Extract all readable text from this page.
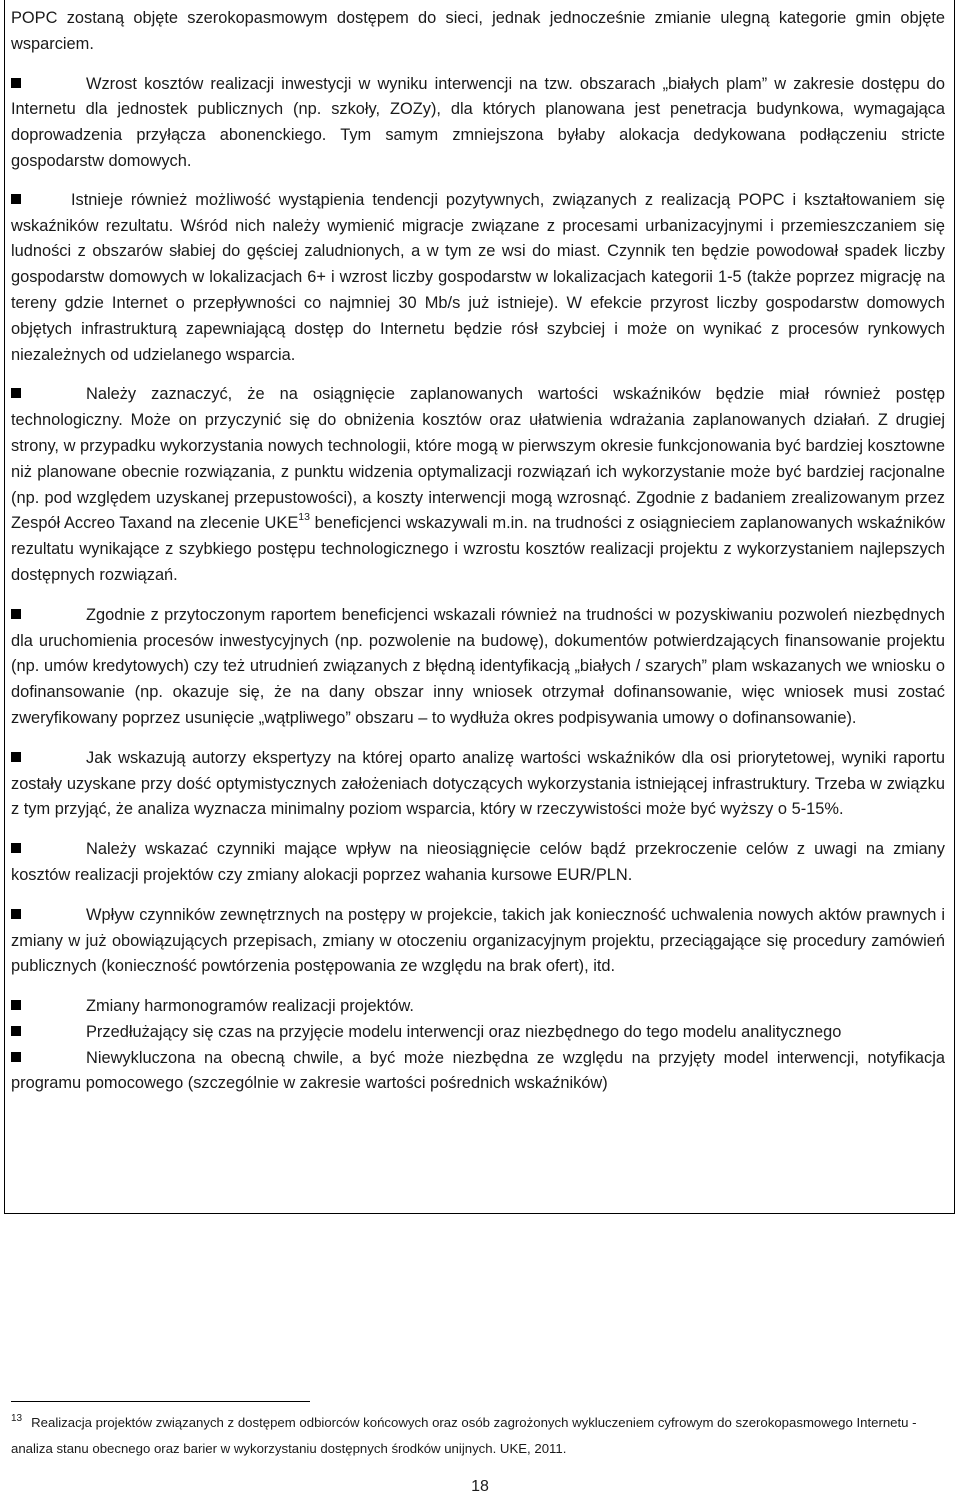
POPC zostaną objęte szerokopasmowym dostępem do sieci, jednak jednocześnie zmianie ulegną kategorie gmin objęte wsparciem.

Wzrost kosztów realizacji inwestycji w wyniku interwencji na tzw. obszarach „białych plam” w zakresie dostępu do Internetu dla jednostek publicznych (np. szkoły, ZOZy), dla których planowana jest penetracja budynkowa, wymagająca doprowadzenia przyłącza abonenckiego. Tym samym zmniejszona byłaby alokacja dedykowana podłączeniu stricte gospodarstw domowych.

Istnieje również możliwość wystąpienia tendencji pozytywnych, związanych z realizacją POPC i kształtowaniem się wskaźników rezultatu. Wśród nich należy wymienić migracje związane z procesami urbanizacyjnymi i przemieszczaniem się ludności z obszarów słabiej do gęściej zaludnionych, a w tym ze wsi do miast. Czynnik ten będzie powodował spadek liczby gospodarstw domowych w lokalizacjach 6+ i wzrost liczby gospodarstw w lokalizacjach kategorii 1-5 (także poprzez migrację na tereny gdzie Internet o przepływności co najmniej 30 Mb/s już istnieje). W efekcie przyrost liczby gospodarstw domowych objętych infrastrukturą zapewniającą dostęp do Internetu będzie rósł szybciej i może on wynikać z procesów rynkowych niezależnych od udzielanego wsparcia.

Należy zaznaczyć, że na osiągnięcie zaplanowanych wartości wskaźników będzie miał również postęp technologiczny. Może on przyczynić się do obniżenia kosztów oraz ułatwienia wdrażania zaplanowanych działań. Z drugiej strony, w przypadku wykorzystania nowych technologii, które mogą w pierwszym okresie funkcjonowania być bardziej kosztowne niż planowane obecnie rozwiązania, z punktu widzenia optymalizacji rozwiązań ich wykorzystanie może być bardziej racjonalne (np. pod względem uzyskanej przepustowości), a koszty interwencji mogą wzrosnąć. Zgodnie z badaniem zrealizowanym przez Zespół Accreo Taxand na zlecenie UKE$^{13}$ beneficjenci wskazywali m.in. na trudności z osiągnieciem zaplanowanych wskaźników rezultatu wynikające z szybkiego postępu technologicznego i wzrostu kosztów realizacji projektu z wykorzystaniem najlepszych dostępnych rozwiązań.

Zgodnie z przytoczonym raportem beneficjenci wskazali również na trudności w pozyskiwaniu pozwoleń niezbędnych dla uruchomienia procesów inwestycyjnych (np. pozwolenie na budowę), dokumentów potwierdzających finansowanie projektu (np. umów kredytowych) czy też utrudnień związanych z błędną identyfikacją „białych / szarych” plam wskazanych we wniosku o dofinansowanie (np. okazuje się, że na dany obszar inny wniosek otrzymał dofinansowanie, więc wniosek musi zostać zweryfikowany poprzez usunięcie „wątpliwego” obszaru – to wydłuża okres podpisywania umowy o dofinansowanie).

Jak wskazują autorzy ekspertyzy na której oparto analizę wartości wskaźników dla osi priorytetowej, wyniki raportu zostały uzyskane przy dość optymistycznych założeniach dotyczących wykorzystania istniejącej infrastruktury. Trzeba w związku z tym przyjąć, że analiza wyznacza minimalny poziom wsparcia, który w rzeczywistości może być wyższy o 5-15%.

Należy wskazać czynniki mające wpływ na nieosiągnięcie celów bądź przekroczenie celów z uwagi na zmiany kosztów realizacji projektów czy zmiany alokacji poprzez wahania kursowe EUR/PLN.

Wpływ czynników zewnętrznych na postępy w projekcie, takich jak konieczność uchwalenia nowych aktów prawnych i zmiany w już obowiązujących przepisach, zmiany w otoczeniu organizacyjnym projektu, przeciągające się procedury zamówień publicznych (konieczność powtórzenia postępowania ze względu na brak ofert), itd.

Zmiany harmonogramów realizacji projektów.

Przedłużający się czas na przyjęcie modelu interwencji oraz niezbędnego do tego modelu analitycznego

Niewykluczona na obecną chwile, a być może niezbędna ze względu na przyjęty model interwencji, notyfikacja programu pomocowego (szczególnie w zakresie wartości pośrednich wskaźników)

$^{13}$ Realizacja projektów związanych z dostępem odbiorców końcowych oraz osób zagrożonych wykluczeniem cyfrowym do szerokopasmowego Internetu - analiza stanu obecnego oraz barier w wykorzystaniu dostępnych środków unijnych. UKE, 2011.
18
